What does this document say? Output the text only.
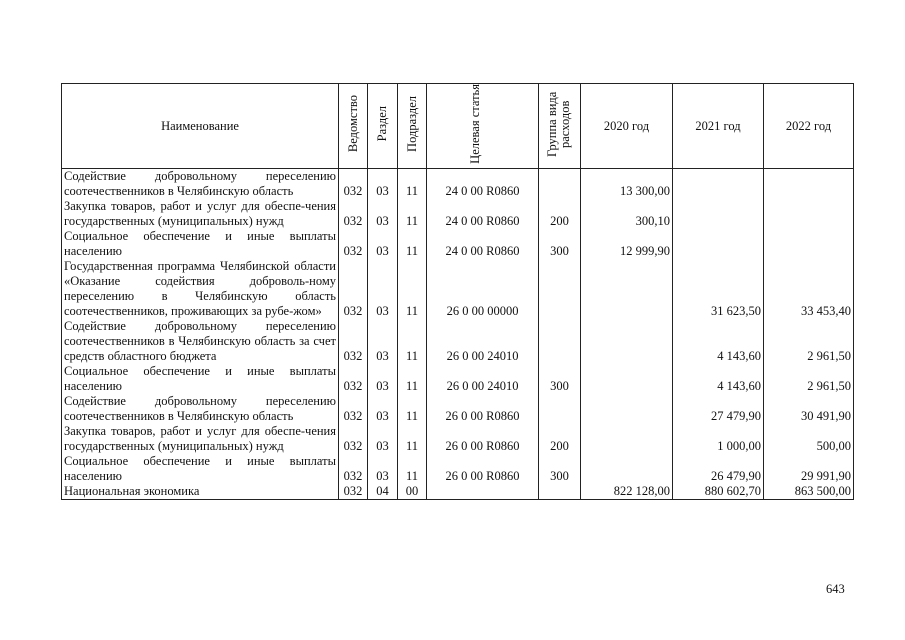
Наименование	Ведомство	Раздел	Подраздел	Целевая статья	Группа вида расходов	2020 год	2021 год	2022 год
Содействие добровольному переселению соотечественников в Челябинскую область	032	03	11	24 0 00 R0860		13 300,00		
Закупка товаров, работ и услуг для обеспе-чения государственных (муниципальных) нужд	032	03	11	24 0 00 R0860	200	300,10		
Социальное обеспечение и иные выплаты населению	032	03	11	24 0 00 R0860	300	12 999,90		
Государственная программа Челябинской области «Оказание содействия доброволь-ному переселению в Челябинскую область соотечественников, проживающих за рубе-жом»	032	03	11	26 0 00 00000			31 623,50	33 453,40
Содействие добровольному переселению соотечественников в Челябинскую область за счет средств областного бюджета	032	03	11	26 0 00 24010			4 143,60	2 961,50
Социальное обеспечение и иные выплаты населению	032	03	11	26 0 00 24010	300		4 143,60	2 961,50
Содействие добровольному переселению соотечественников в Челябинскую область	032	03	11	26 0 00 R0860			27 479,90	30 491,90
Закупка товаров, работ и услуг для обеспе-чения государственных (муниципальных) нужд	032	03	11	26 0 00 R0860	200		1 000,00	500,00
Социальное обеспечение и иные выплаты населению	032	03	11	26 0 00 R0860	300		26 479,90	29 991,90
Национальная экономика	032	04	00			822 128,00	880 602,70	863 500,00
643
